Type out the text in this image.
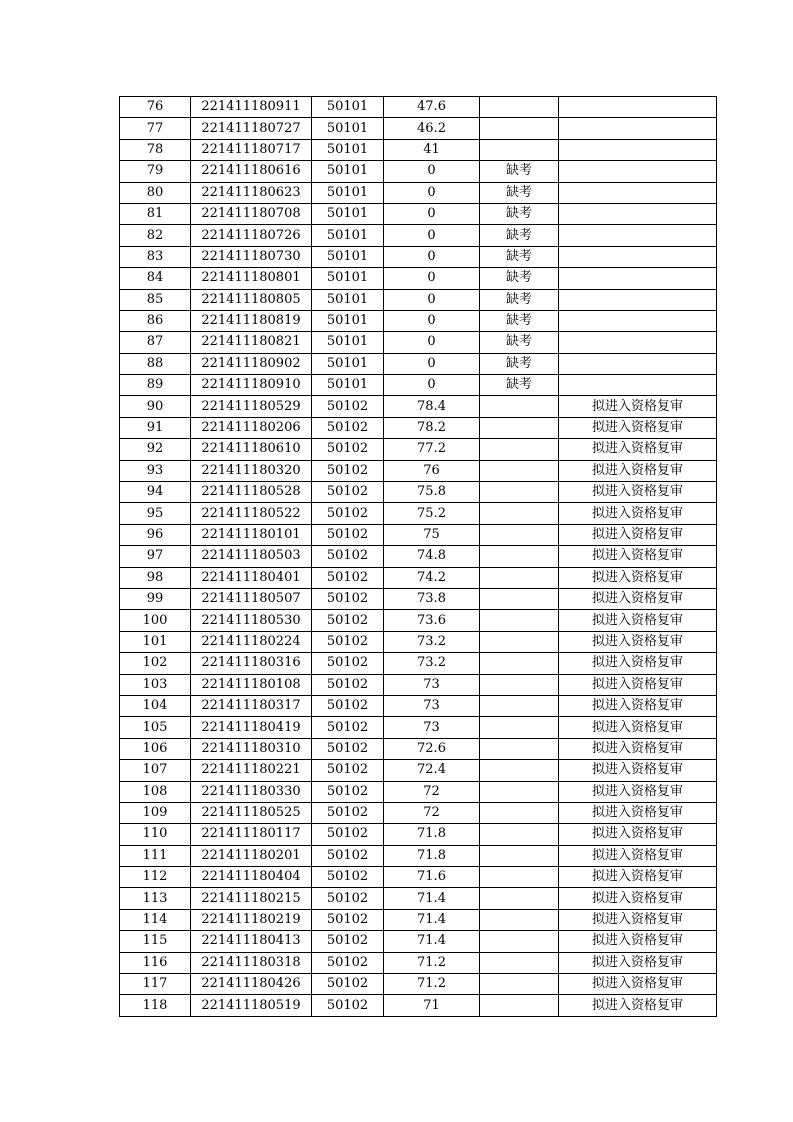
76	221411180911	50101	47.6		
77	221411180727	50101	46.2		
78	221411180717	50101	41		
79	221411180616	50101	0	缺考	
80	221411180623	50101	0	缺考	
81	221411180708	50101	0	缺考	
82	221411180726	50101	0	缺考	
83	221411180730	50101	0	缺考	
84	221411180801	50101	0	缺考	
85	221411180805	50101	0	缺考	
86	221411180819	50101	0	缺考	
87	221411180821	50101	0	缺考	
88	221411180902	50101	0	缺考	
89	221411180910	50101	0	缺考	
90	221411180529	50102	78.4		拟进入资格复审
91	221411180206	50102	78.2		拟进入资格复审
92	221411180610	50102	77.2		拟进入资格复审
93	221411180320	50102	76		拟进入资格复审
94	221411180528	50102	75.8		拟进入资格复审
95	221411180522	50102	75.2		拟进入资格复审
96	221411180101	50102	75		拟进入资格复审
97	221411180503	50102	74.8		拟进入资格复审
98	221411180401	50102	74.2		拟进入资格复审
99	221411180507	50102	73.8		拟进入资格复审
100	221411180530	50102	73.6		拟进入资格复审
101	221411180224	50102	73.2		拟进入资格复审
102	221411180316	50102	73.2		拟进入资格复审
103	221411180108	50102	73		拟进入资格复审
104	221411180317	50102	73		拟进入资格复审
105	221411180419	50102	73		拟进入资格复审
106	221411180310	50102	72.6		拟进入资格复审
107	221411180221	50102	72.4		拟进入资格复审
108	221411180330	50102	72		拟进入资格复审
109	221411180525	50102	72		拟进入资格复审
110	221411180117	50102	71.8		拟进入资格复审
111	221411180201	50102	71.8		拟进入资格复审
112	221411180404	50102	71.6		拟进入资格复审
113	221411180215	50102	71.4		拟进入资格复审
114	221411180219	50102	71.4		拟进入资格复审
115	221411180413	50102	71.4		拟进入资格复审
116	221411180318	50102	71.2		拟进入资格复审
117	221411180426	50102	71.2		拟进入资格复审
118	221411180519	50102	71		拟进入资格复审
